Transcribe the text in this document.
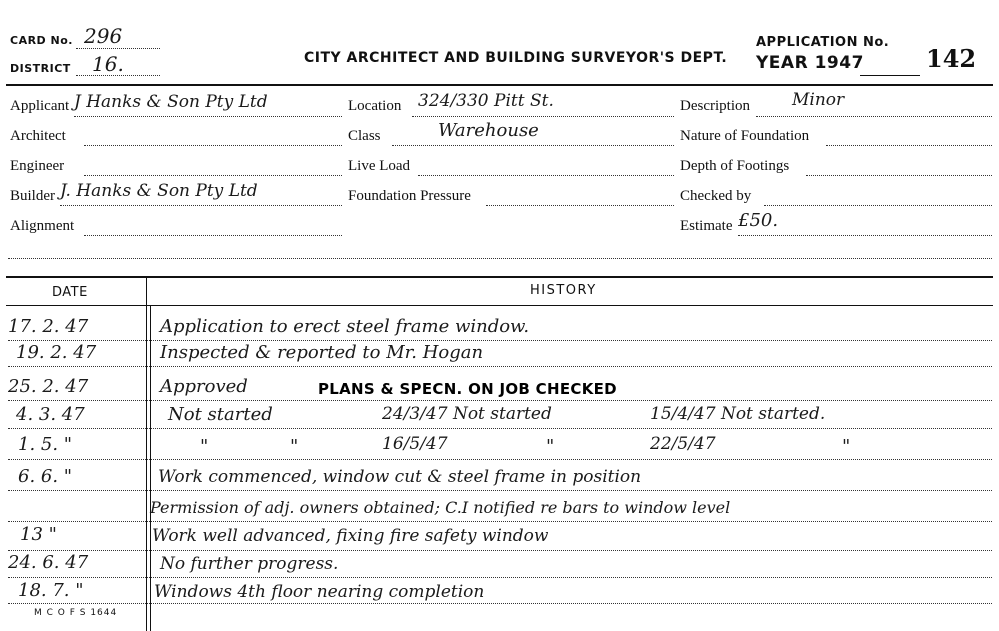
CARD No. 296
DISTRICT 16.	CITY ARCHITECT AND BUILDING SURVEYOR'S DEPT.
APPLICATION No.
YEAR 1947	142
Applicant J Hanks & Son Pty Ltd
Architect
Engineer
Builder J. Hanks & Son Pty Ltd
Alignment
Location 324/330 Pitt St.
Class	Warehouse
Live Load
Foundation Pressure
Description Minor
Nature of Foundation
Depth of Footings
Checked by
Estimate £50.
DATE	HISTORY
17. 2. 47	Application to erect steel frame window.
19. 2. 47	Inspected & reported to Mr. Hogan
25. 2. 47	Approved	PLANS & SPECN. ON JOB CHECKED
4. 3. 47	Not started	24/3/47 Not started	15/4/47 Not started.
1. 5. "	"	"	16/5/47	"	22/5/47	"
6. 6. "	Work commenced, window cut & steel frame in position
Permission of adj. owners obtained; C.I notified re bars to window level
13 "	Work well advanced, fixing fire safety window
24. 6. 47	No further progress.
18. 7. "	Windows 4th floor nearing completion
M C O F S 1644
